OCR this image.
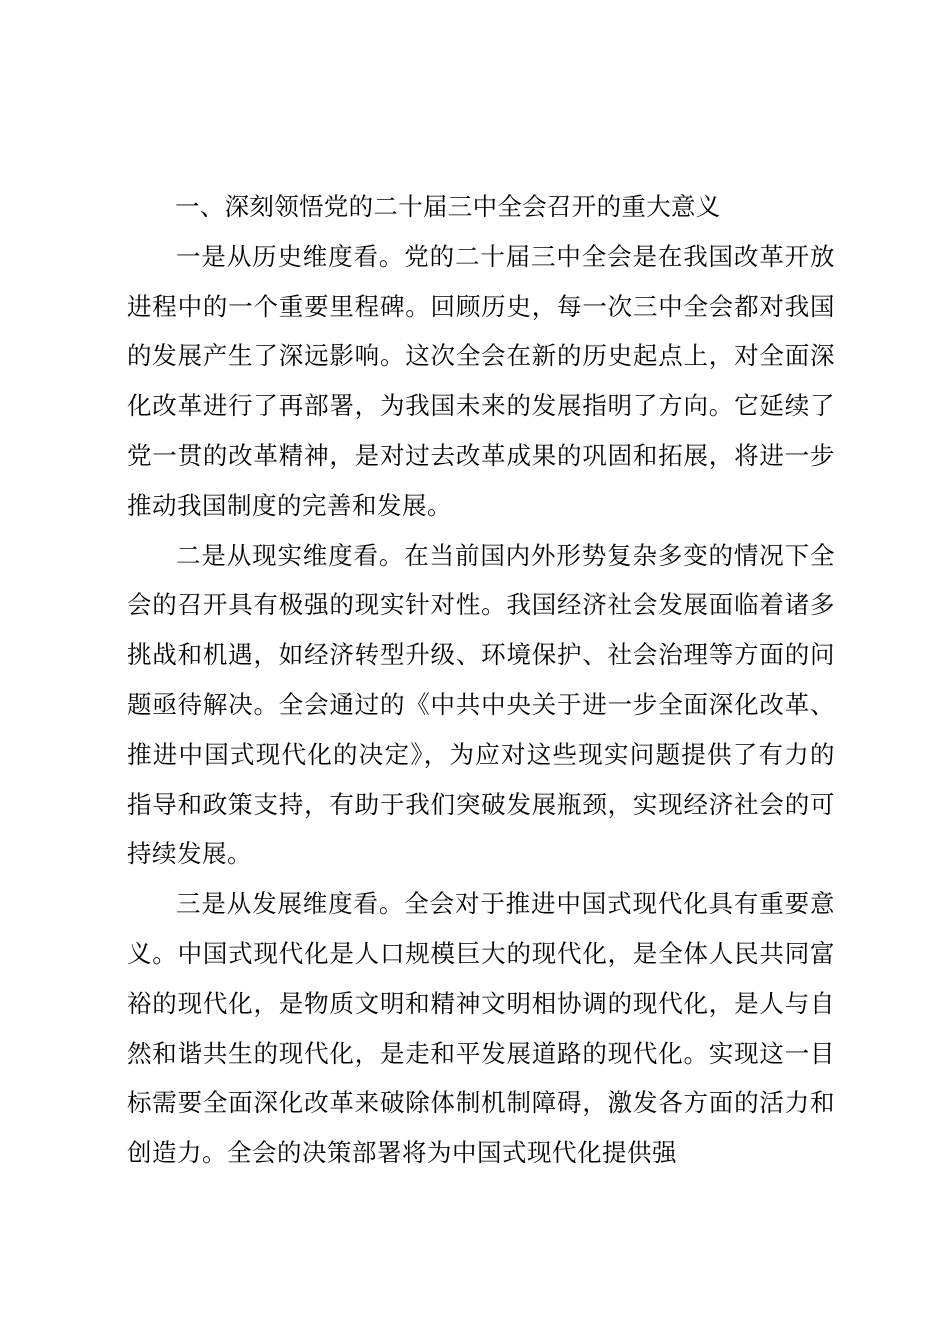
一、深刻领悟党的二十届三中全会召开的重大意义

一是从历史维度看。党的二十届三中全会是在我国改革开放进程中的一个重要里程碑。回顾历史，每一次三中全会都对我国的发展产生了深远影响。这次全会在新的历史起点上，对全面深化改革进行了再部署，为我国未来的发展指明了方向。它延续了党一贯的改革精神，是对过去改革成果的巩固和拓展，将进一步推动我国制度的完善和发展。

二是从现实维度看。在当前国内外形势复杂多变的情况下全会的召开具有极强的现实针对性。我国经济社会发展面临着诸多挑战和机遇，如经济转型升级、环境保护、社会治理等方面的问题亟待解决。全会通过的《中共中央关于进一步全面深化改革、推进中国式现代化的决定》，为应对这些现实问题提供了有力的指导和政策支持，有助于我们突破发展瓶颈，实现经济社会的可持续发展。

三是从发展维度看。全会对于推进中国式现代化具有重要意义。中国式现代化是人口规模巨大的现代化，是全体人民共同富裕的现代化，是物质文明和精神文明相协调的现代化，是人与自然和谐共生的现代化，是走和平发展道路的现代化。实现这一目标需要全面深化改革来破除体制机制障碍，激发各方面的活力和创造力。全会的决策部署将为中国式现代化提供强
